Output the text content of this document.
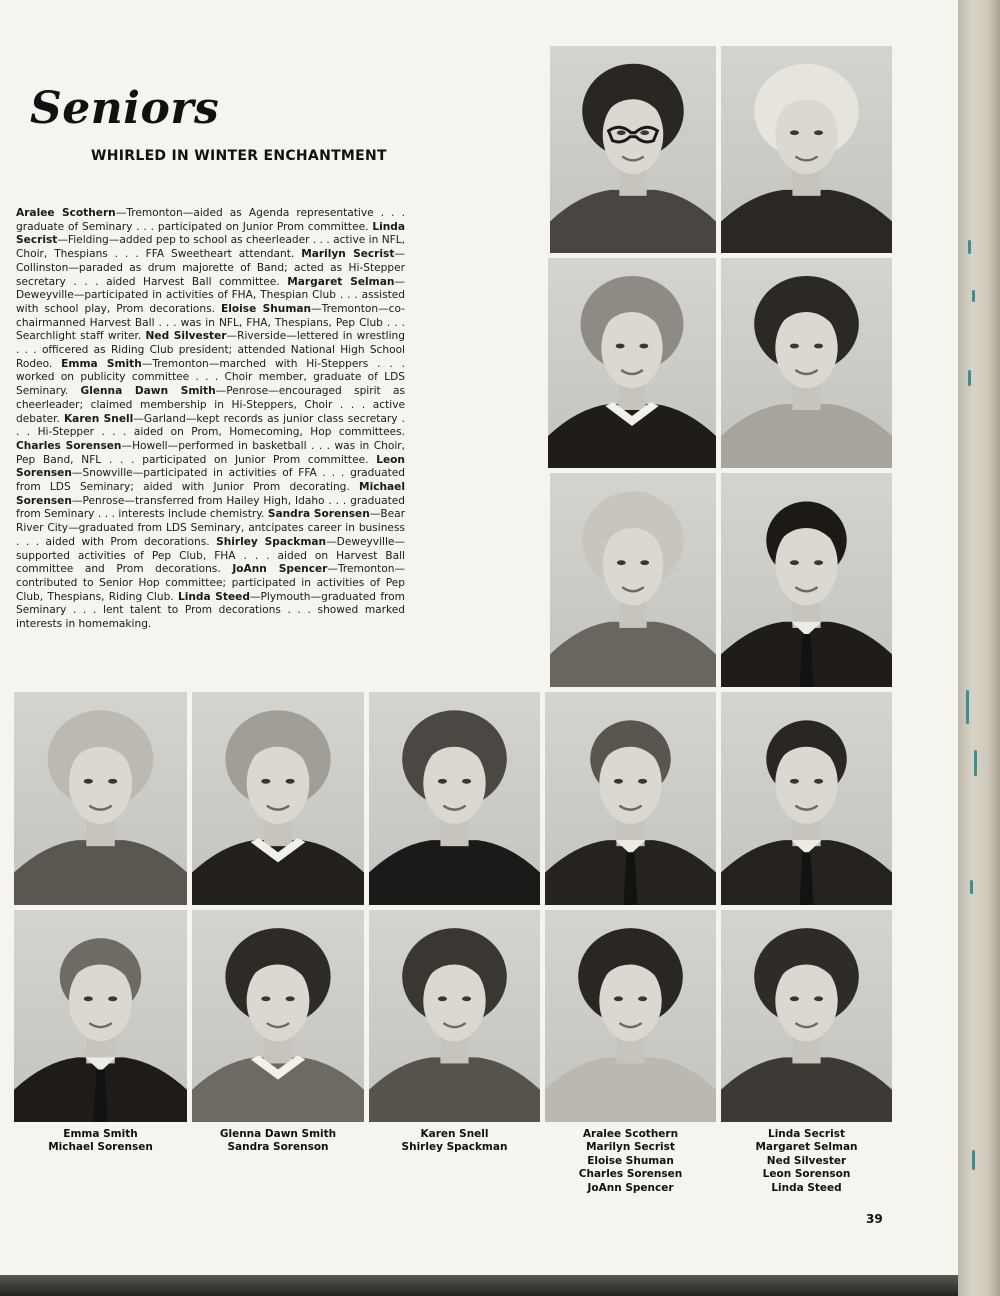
Seniors
WHIRLED IN WINTER ENCHANTMENT
Aralee Scothern—Tremonton—aided as Agenda representative . . . graduate of Seminary . . . participated on Junior Prom committee. Linda Secrist—Fielding—added pep to school as cheerleader . . . active in NFL, Choir, Thespians . . . FFA Sweetheart attendant. Marilyn Secrist—Collinston—paraded as drum majorette of Band; acted as Hi-Stepper secretary . . . aided Harvest Ball committee. Margaret Selman—Deweyville—participated in activities of FHA, Thespian Club . . . assisted with school play, Prom decorations. Eloise Shuman—Tremonton—co-chairmanned Harvest Ball . . . was in NFL, FHA, Thespians, Pep Club . . . Searchlight staff writer. Ned Silvester—Riverside—lettered in wrestling . . . officered as Riding Club president; attended National High School Rodeo. Emma Smith—Tremonton—marched with Hi-Steppers . . . worked on publicity committee . . . Choir member, graduate of LDS Seminary. Glenna Dawn Smith—Penrose—encouraged spirit as cheerleader; claimed membership in Hi-Steppers, Choir . . . active debater. Karen Snell—Garland—kept records as junior class secretary . . . Hi-Stepper . . . aided on Prom, Homecoming, Hop committees. Charles Sorensen—Howell—performed in basketball . . . was in Choir, Pep Band, NFL . . . participated on Junior Prom committee. Leon Sorensen—Snowville—participated in activities of FFA . . . graduated from LDS Seminary; aided with Junior Prom decorating. Michael Sorensen—Penrose—transferred from Hailey High, Idaho . . . graduated from Seminary . . . interests include chemistry. Sandra Sorensen—Bear River City—graduated from LDS Seminary, antcipates career in business . . . aided with Prom decorations. Shirley Spackman—Deweyville—supported activities of Pep Club, FHA . . . aided on Harvest Ball committee and Prom decorations. JoAnn Spencer—Tremonton—contributed to Senior Hop committee; participated in activities of Pep Club, Thespians, Riding Club. Linda Steed—Plymouth—graduated from Seminary . . . lent talent to Prom decorations . . . showed marked interests in homemaking.
Emma Smith
Michael Sorensen
Glenna Dawn Smith
Sandra Sorenson
Karen Snell
Shirley Spackman
Aralee Scothern
Marilyn Secrist
Eloise Shuman
Charles Sorensen
JoAnn Spencer
Linda Secrist
Margaret Selman
Ned Silvester
Leon Sorenson
Linda Steed

39
